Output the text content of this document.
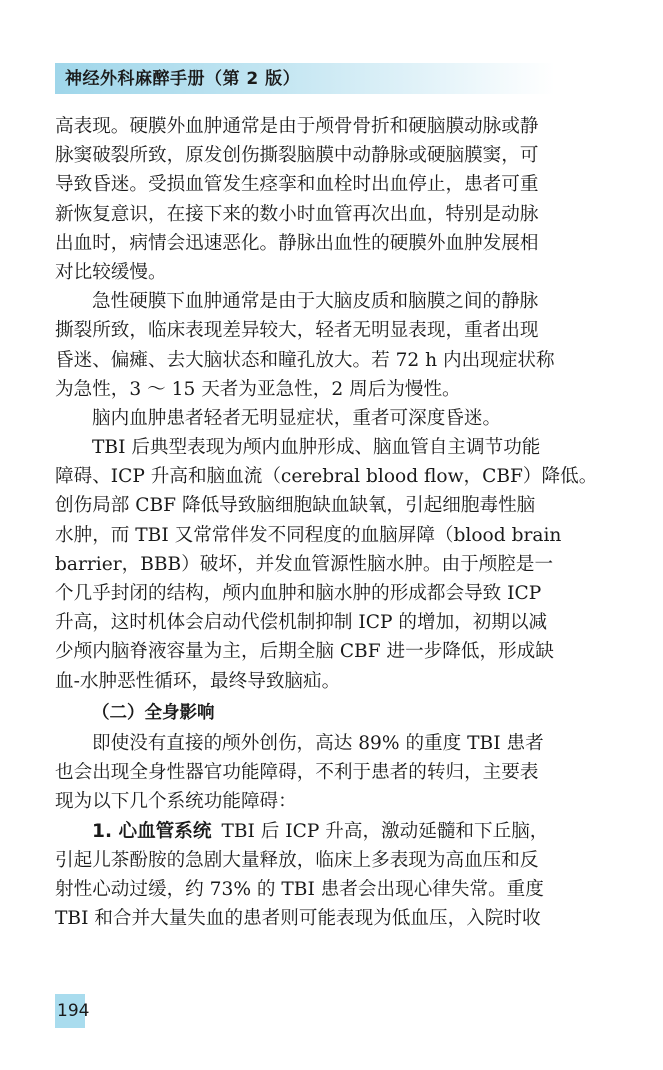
神经外科麻醉手册（第 2 版）
高表现。硬膜外血肿通常是由于颅骨骨折和硬脑膜动脉或静
脉窦破裂所致，原发创伤撕裂脑膜中动静脉或硬脑膜窦，可
导致昏迷。受损血管发生痉挛和血栓时出血停止，患者可重
新恢复意识，在接下来的数小时血管再次出血，特别是动脉
出血时，病情会迅速恶化。静脉出血性的硬膜外血肿发展相
对比较缓慢。
急性硬膜下血肿通常是由于大脑皮质和脑膜之间的静脉
撕裂所致，临床表现差异较大，轻者无明显表现，重者出现
昏迷、偏瘫、去大脑状态和瞳孔放大。若 72 h 内出现症状称
为急性，3 ～ 15 天者为亚急性，2 周后为慢性。
脑内血肿患者轻者无明显症状，重者可深度昏迷。
TBI 后典型表现为颅内血肿形成、脑血管自主调节功能
障碍、ICP 升高和脑血流（cerebral blood flow，CBF）降低。
创伤局部 CBF 降低导致脑细胞缺血缺氧，引起细胞毒性脑
水肿，而 TBI 又常常伴发不同程度的血脑屏障（blood brain
barrier，BBB）破坏，并发血管源性脑水肿。由于颅腔是一
个几乎封闭的结构，颅内血肿和脑水肿的形成都会导致 ICP
升高，这时机体会启动代偿机制抑制 ICP 的增加，初期以减
少颅内脑脊液容量为主，后期全脑 CBF 进一步降低，形成缺
血-水肿恶性循环，最终导致脑疝。
（二）全身影响
即使没有直接的颅外创伤，高达 89% 的重度 TBI 患者
也会出现全身性器官功能障碍，不利于患者的转归，主要表
现为以下几个系统功能障碍：
1. 心血管系统 TBI 后 ICP 升高，激动延髓和下丘脑，
引起儿茶酚胺的急剧大量释放，临床上多表现为高血压和反
射性心动过缓，约 73% 的 TBI 患者会出现心律失常。重度
TBI 和合并大量失血的患者则可能表现为低血压，入院时收
194
